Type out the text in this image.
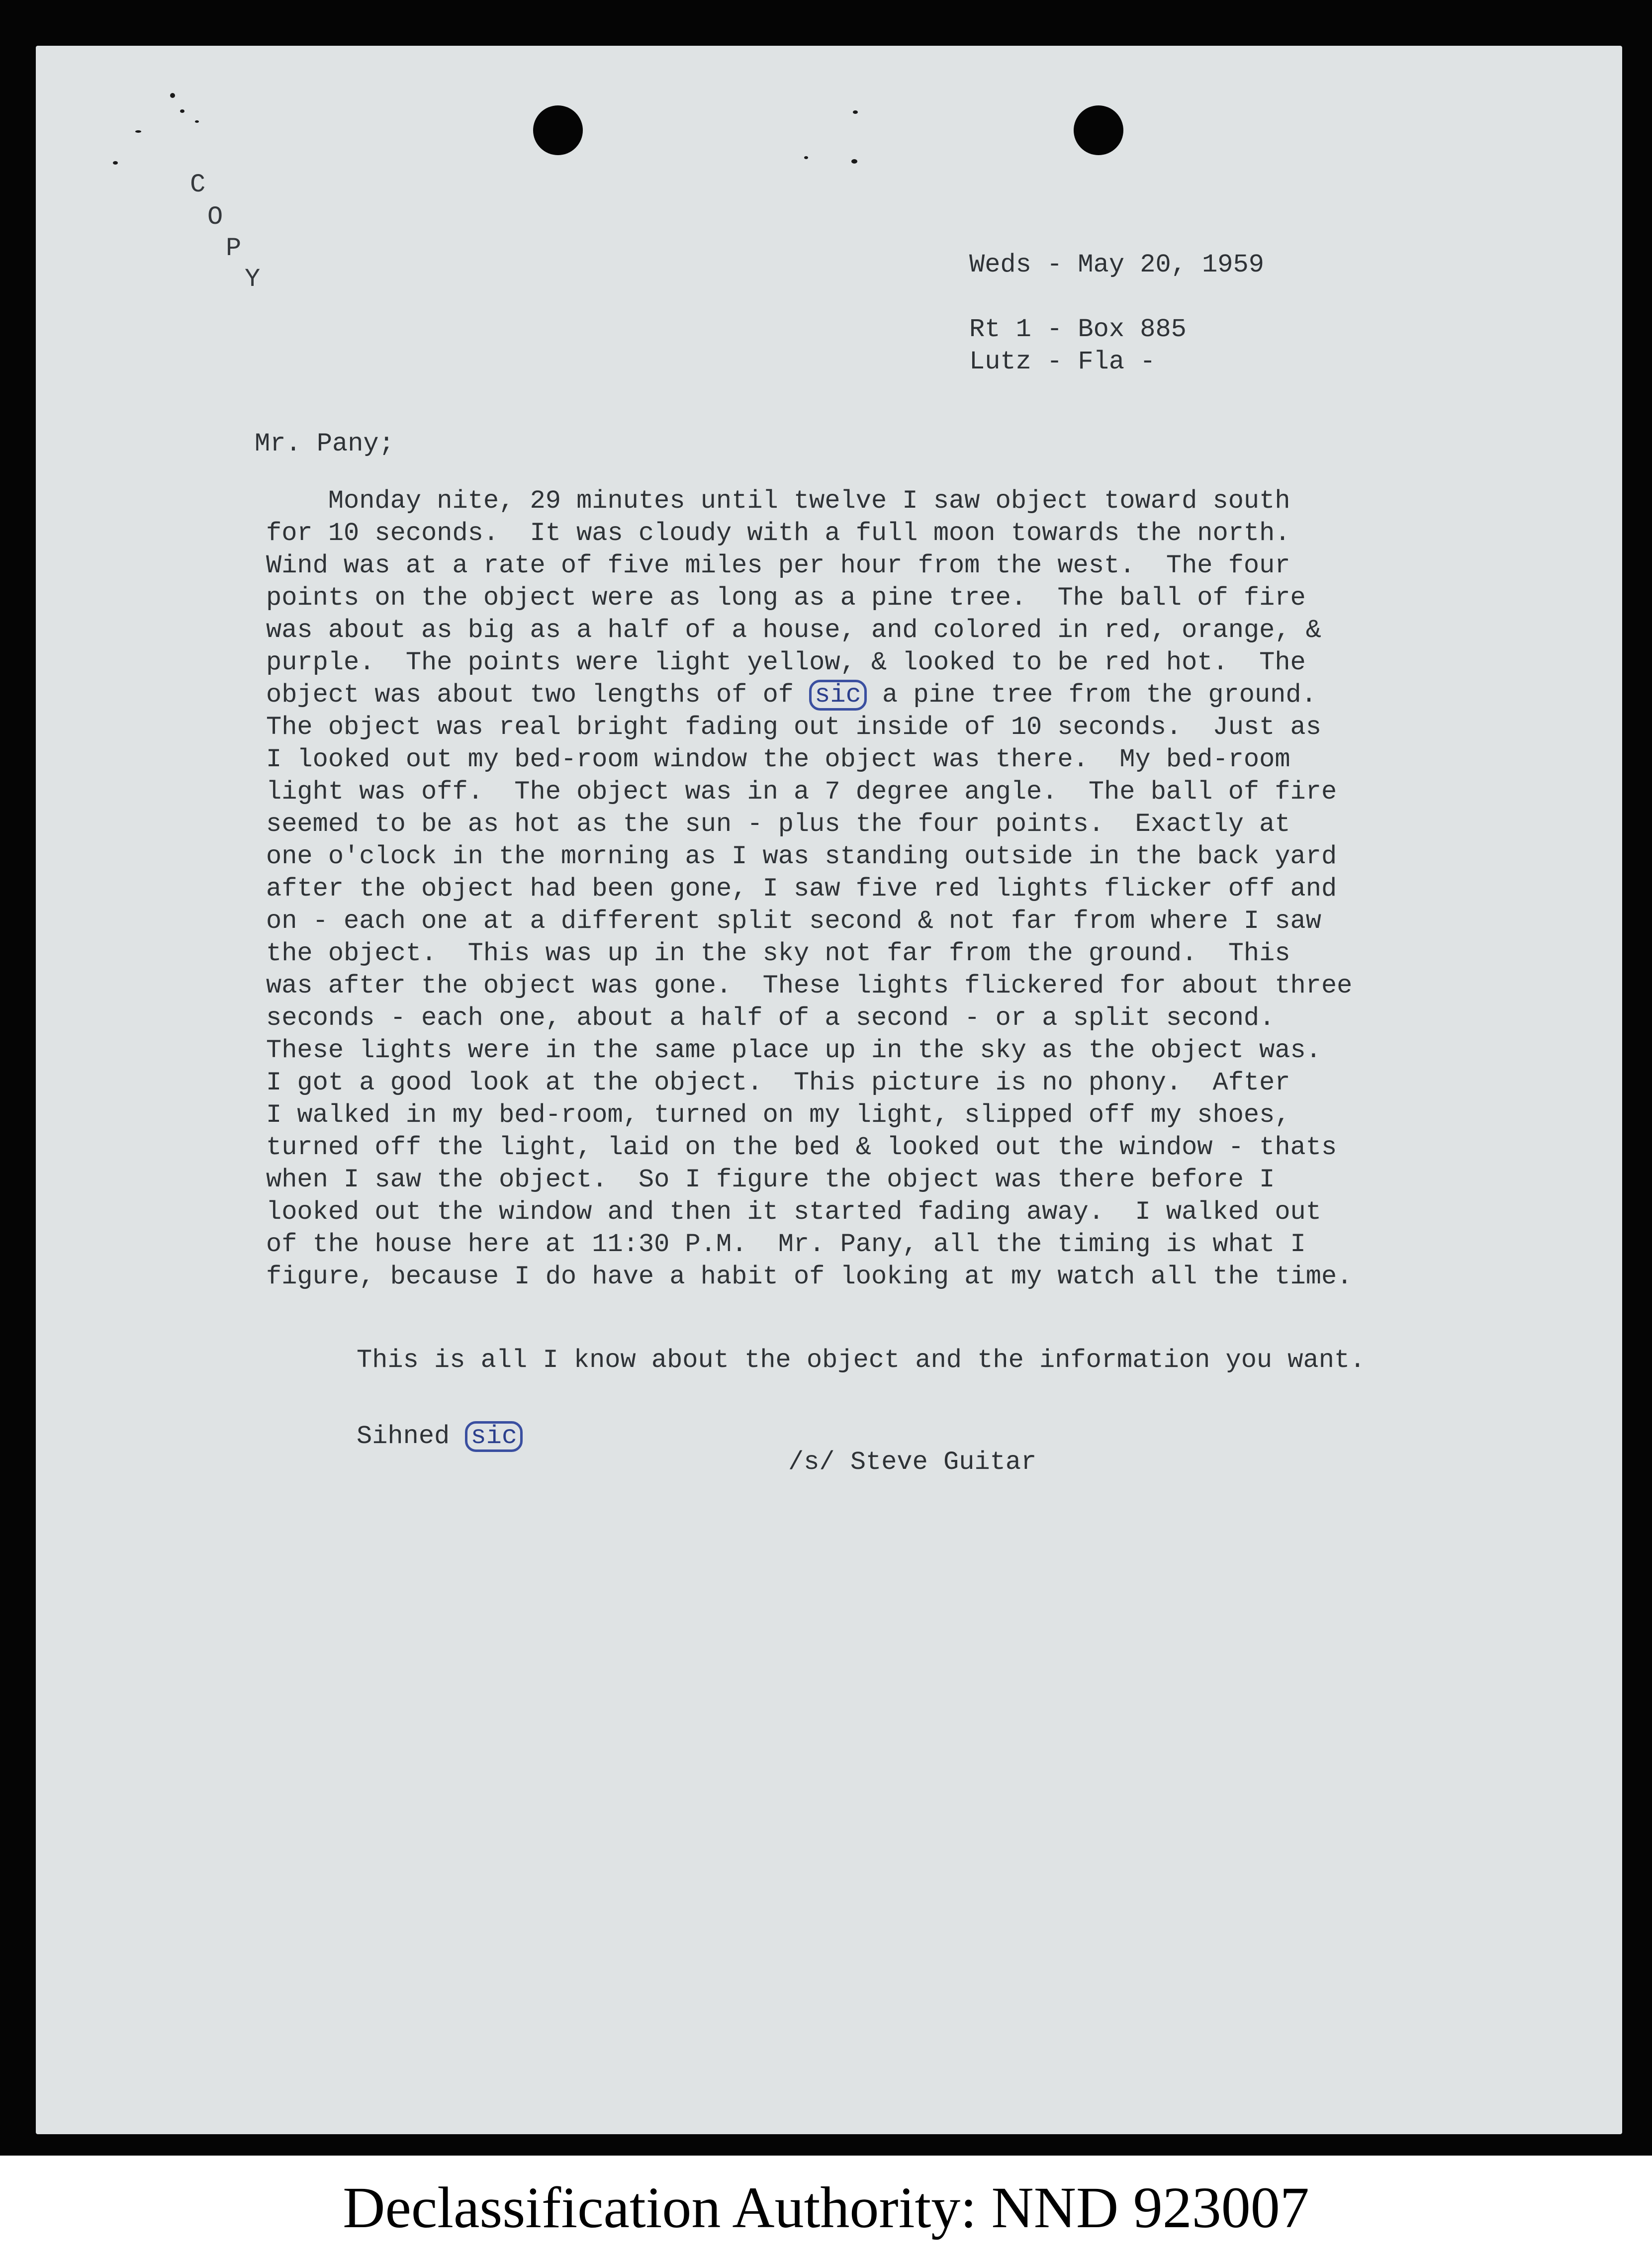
C
O
P
Y	Weds - May 20, 1959
Rt 1 - Box 885
Lutz - Fla -
Mr. Pany;
Monday nite, 29 minutes until twelve I saw object toward south
for 10 seconds.  It was cloudy with a full moon towards the north.
Wind was at a rate of five miles per hour from the west.  The four
points on the object were as long as a pine tree.  The ball of fire
was about as big as a half of a house, and colored in red, orange, &
purple.  The points were light yellow, & looked to be red hot.  The
object was about two lengths of of sic a pine tree from the ground.
The object was real bright fading out inside of 10 seconds.  Just as
I looked out my bed-room window the object was there.  My bed-room
light was off.  The object was in a 7 degree angle.  The ball of fire
seemed to be as hot as the sun - plus the four points.  Exactly at
one o'clock in the morning as I was standing outside in the back yard
after the object had been gone, I saw five red lights flicker off and
on - each one at a different split second & not far from where I saw
the object.  This was up in the sky not far from the ground.  This
was after the object was gone.  These lights flickered for about three
seconds - each one, about a half of a second - or a split second.
These lights were in the same place up in the sky as the object was.
I got a good look at the object.  This picture is no phony.  After
I walked in my bed-room, turned on my light, slipped off my shoes,
turned off the light, laid on the bed & looked out the window - thats
when I saw the object.  So I figure the object was there before I
looked out the window and then it started fading away.  I walked out
of the house here at 11:30 P.M.  Mr. Pany, all the timing is what I
figure, because I do have a habit of looking at my watch all the time.
This is all I know about the object and the information you want.
Sihned sic
/s/ Steve Guitar
Declassification Authority: NND 923007
